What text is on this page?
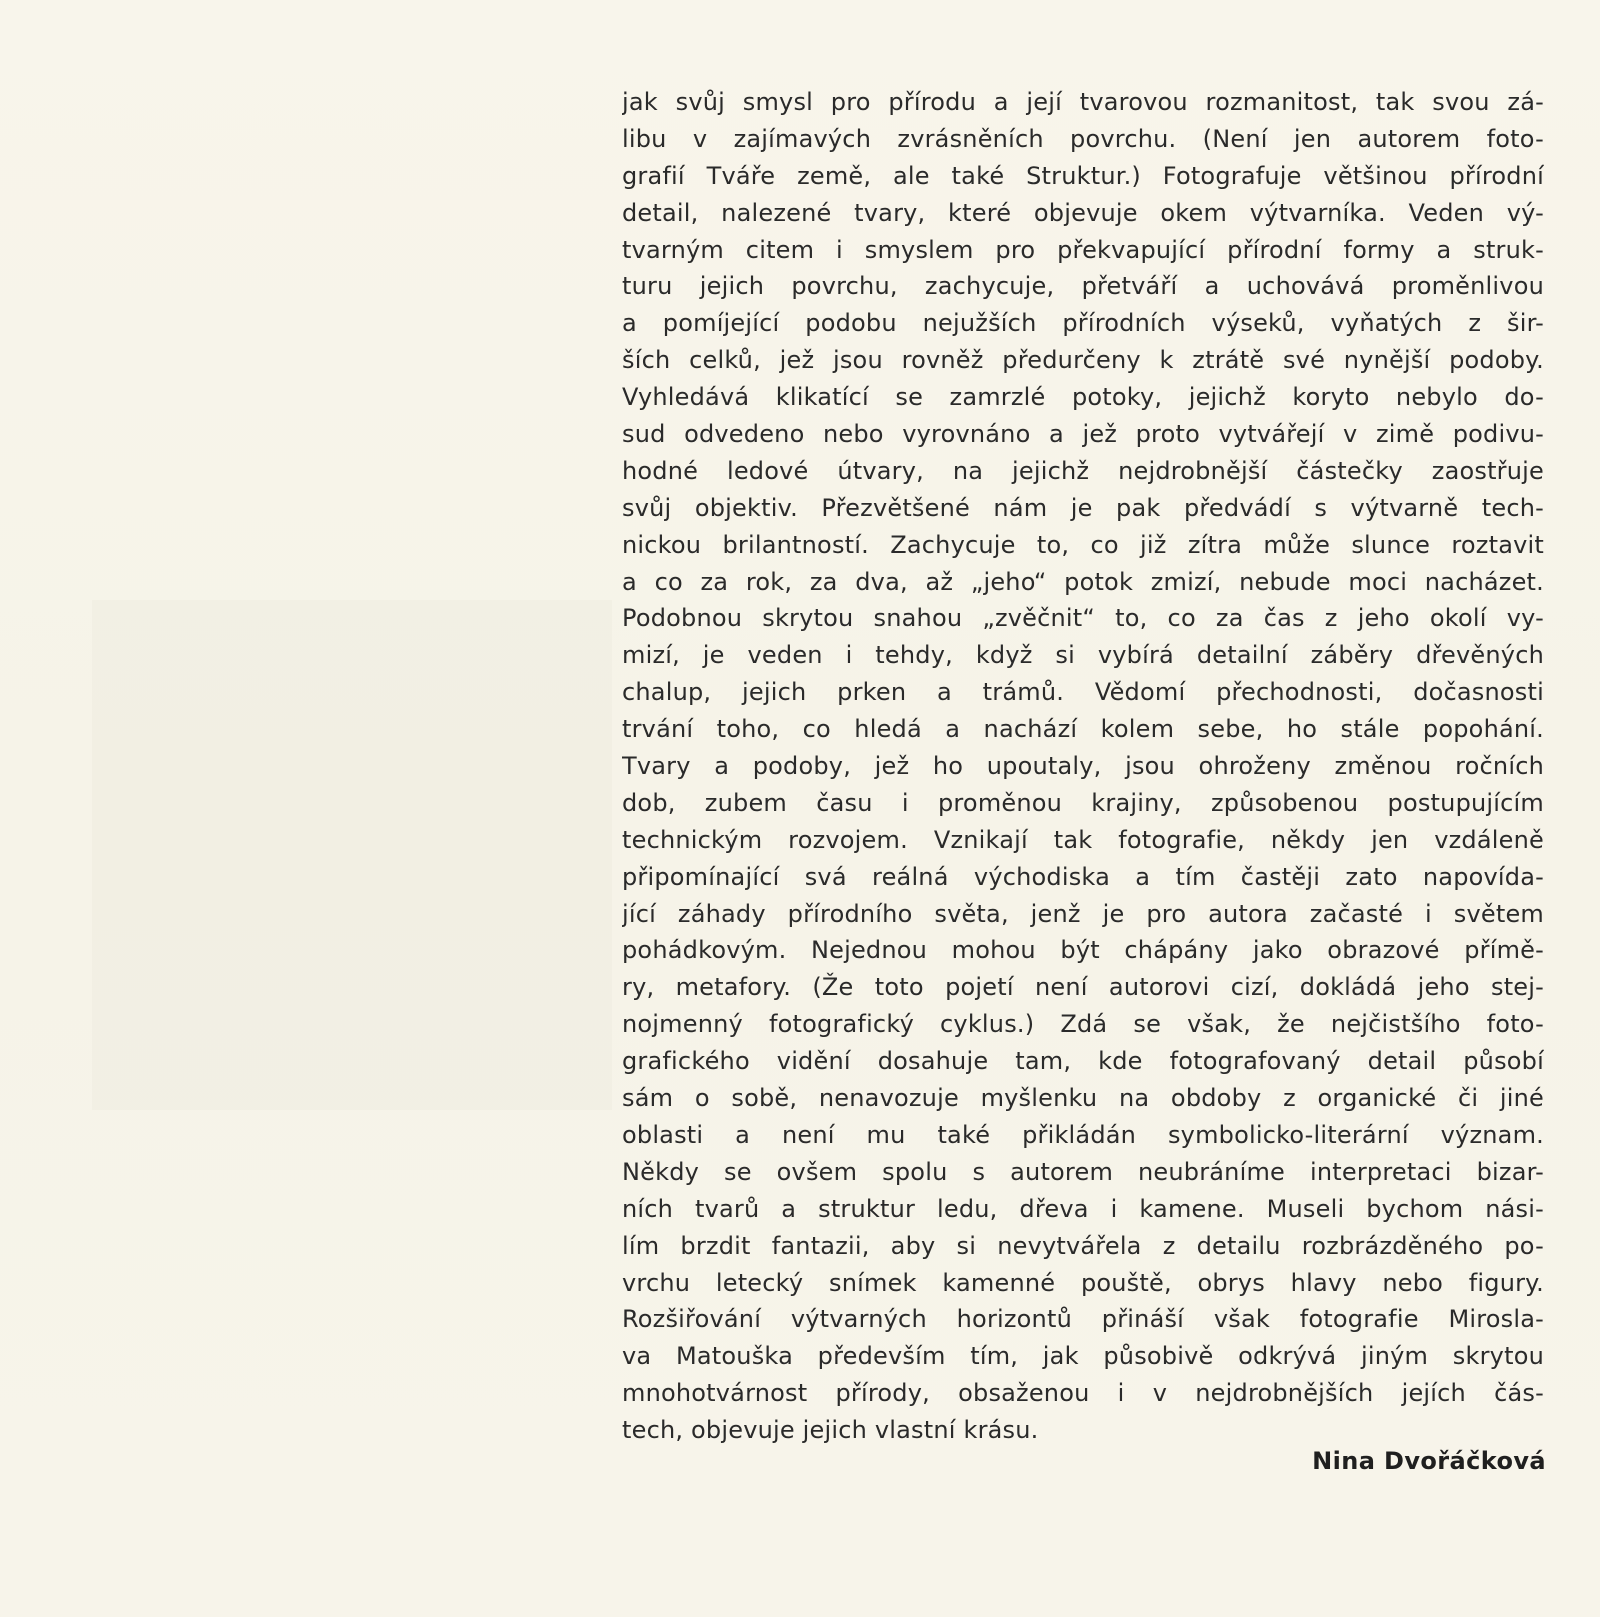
jak svůj smysl pro přírodu a její tvarovou rozmanitost, tak svou zá-
libu v zajímavých zvrásněních povrchu. (Není jen autorem foto-
grafií Tváře země, ale také Struktur.) Fotografuje většinou přírodní
detail, nalezené tvary, které objevuje okem výtvarníka. Veden vý-
tvarným citem i smyslem pro překvapující přírodní formy a struk-
turu jejich povrchu, zachycuje, přetváří a uchovává proměnlivou
a pomíjející podobu nejužších přírodních výseků, vyňatých z šir-
ších celků, jež jsou rovněž předurčeny k ztrátě své nynější podoby.
Vyhledává klikatící se zamrzlé potoky, jejichž koryto nebylo do-
sud odvedeno nebo vyrovnáno a jež proto vytvářejí v zimě podivu-
hodné ledové útvary, na jejichž nejdrobnější částečky zaostřuje
svůj objektiv. Přezvětšené nám je pak předvádí s výtvarně tech-
nickou brilantností. Zachycuje to, co již zítra může slunce roztavit
a co za rok, za dva, až „jeho“ potok zmizí, nebude moci nacházet.
Podobnou skrytou snahou „zvěčnit“ to, co za čas z jeho okolí vy-
mizí, je veden i tehdy, když si vybírá detailní záběry dřevěných
chalup, jejich prken a trámů. Vědomí přechodnosti, dočasnosti
trvání toho, co hledá a nachází kolem sebe, ho stále popohání.
Tvary a podoby, jež ho upoutaly, jsou ohroženy změnou ročních
dob, zubem času i proměnou krajiny, způsobenou postupujícím
technickým rozvojem. Vznikají tak fotografie, někdy jen vzdáleně
připomínající svá reálná východiska a tím častěji zato napovída-
jící záhady přírodního světa, jenž je pro autora začasté i světem
pohádkovým. Nejednou mohou být chápány jako obrazové přímě-
ry, metafory. (Že toto pojetí není autorovi cizí, dokládá jeho stej-
nojmenný fotografický cyklus.) Zdá se však, že nejčistšího foto-
grafického vidění dosahuje tam, kde fotografovaný detail působí
sám o sobě, nenavozuje myšlenku na obdoby z organické či jiné
oblasti a není mu také přikládán symbolicko-literární význam.
Někdy se ovšem spolu s autorem neubráníme interpretaci bizar-
ních tvarů a struktur ledu, dřeva i kamene. Museli bychom nási-
lím brzdit fantazii, aby si nevytvářela z detailu rozbrázděného po-
vrchu letecký snímek kamenné pouště, obrys hlavy nebo figury.
Rozšiřování výtvarných horizontů přináší však fotografie Mirosla-
va Matouška především tím, jak působivě odkrývá jiným skrytou
mnohotvárnost přírody, obsaženou i v nejdrobnějších jejích čás-
tech, objevuje jejich vlastní krásu.
Nina Dvořáčková
